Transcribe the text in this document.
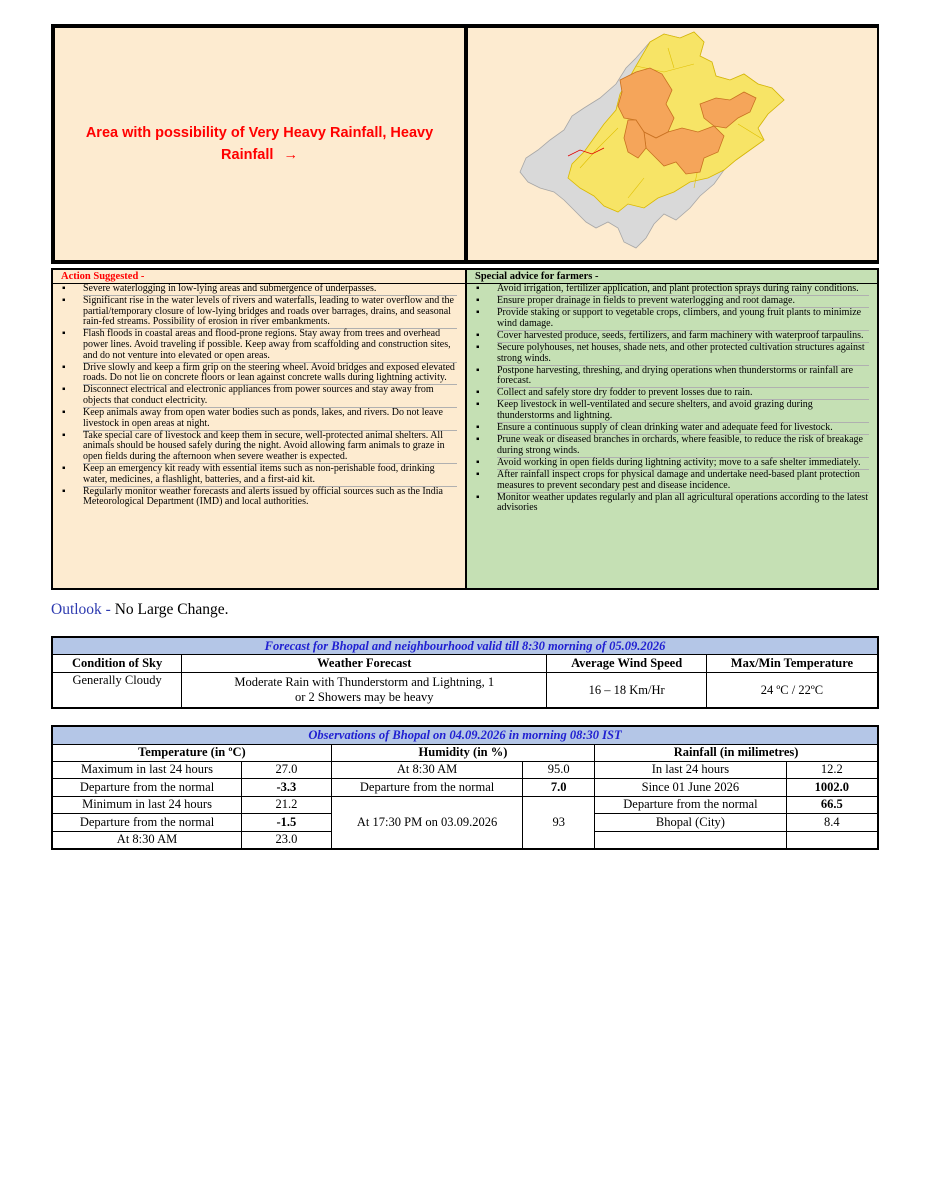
Area with possibility of Very Heavy Rainfall, Heavy Rainfall →
Action Suggested -
▪ Severe waterlogging in low-lying areas and submergence of underpasses.
▪ Significant rise in the water levels of rivers and waterfalls, leading to water overflow and the partial/temporary closure of low-lying bridges and roads over barrages, drains, and seasonal rain-fed streams. Possibility of erosion in river embankments.
▪ Flash floods in coastal areas and flood-prone regions. Stay away from trees and overhead power lines. Avoid traveling if possible. Keep away from scaffolding and construction sites, and do not venture into elevated or open areas.
▪ Drive slowly and keep a firm grip on the steering wheel. Avoid bridges and exposed elevated roads. Do not lie on concrete floors or lean against concrete walls during lightning activity.
▪ Disconnect electrical and electronic appliances from power sources and stay away from objects that conduct electricity.
▪ Keep animals away from open water bodies such as ponds, lakes, and rivers. Do not leave livestock in open areas at night.
▪ Take special care of livestock and keep them in secure, well-protected animal shelters. All animals should be housed safely during the night. Avoid allowing farm animals to graze in open fields during the afternoon when severe weather is expected.
▪ Keep an emergency kit ready with essential items such as non-perishable food, drinking water, medicines, a flashlight, batteries, and a first-aid kit.
▪ Regularly monitor weather forecasts and alerts issued by official sources such as the India Meteorological Department (IMD) and local authorities.
Special advice for farmers -
▪ Avoid irrigation, fertilizer application, and plant protection sprays during rainy conditions.
▪ Ensure proper drainage in fields to prevent waterlogging and root damage.
▪ Provide staking or support to vegetable crops, climbers, and young fruit plants to minimize wind damage.
▪ Cover harvested produce, seeds, fertilizers, and farm machinery with waterproof tarpaulins.
▪ Secure polyhouses, net houses, shade nets, and other protected cultivation structures against strong winds.
▪ Postpone harvesting, threshing, and drying operations when thunderstorms or rainfall are forecast.
▪ Collect and safely store dry fodder to prevent losses due to rain.
▪ Keep livestock in well-ventilated and secure shelters, and avoid grazing during thunderstorms and lightning.
▪ Ensure a continuous supply of clean drinking water and adequate feed for livestock.
▪ Prune weak or diseased branches in orchards, where feasible, to reduce the risk of breakage during strong winds.
▪ Avoid working in open fields during lightning activity; move to a safe shelter immediately.
▪ After rainfall inspect crops for physical damage and undertake need-based plant protection measures to prevent secondary pest and disease incidence.
▪ Monitor weather updates regularly and plan all agricultural operations according to the latest advisories
Outlook - No Large Change.
Forecast for Bhopal and neighbourhood valid till 8:30 morning of 05.09.2026			
Condition of Sky	Weather Forecast	Average Wind Speed	Max/Min Temperature
Generally Cloudy	Moderate Rain with Thunderstorm and Lightning, 1 or 2 Showers may be heavy	16 – 18 Km/Hr	24 ºC / 22ºC
Observations of Bhopal on 04.09.2026 in morning 08:30 IST					
Temperature (in ºC)		Humidity (in %)		Rainfall (in milimetres)	
Maximum in last 24 hours	27.0	At 8:30 AM	95.0	In last 24 hours	12.2
Departure from the normal	-3.3	Departure from the normal	7.0	Since 01 June 2026	1002.0
Minimum in last 24 hours	21.2	At 17:30 PM on 03.09.2026	93	Departure from the normal	66.5
Departure from the normal	-1.5			Bhopal (City)	8.4
At 8:30 AM	23.0				
